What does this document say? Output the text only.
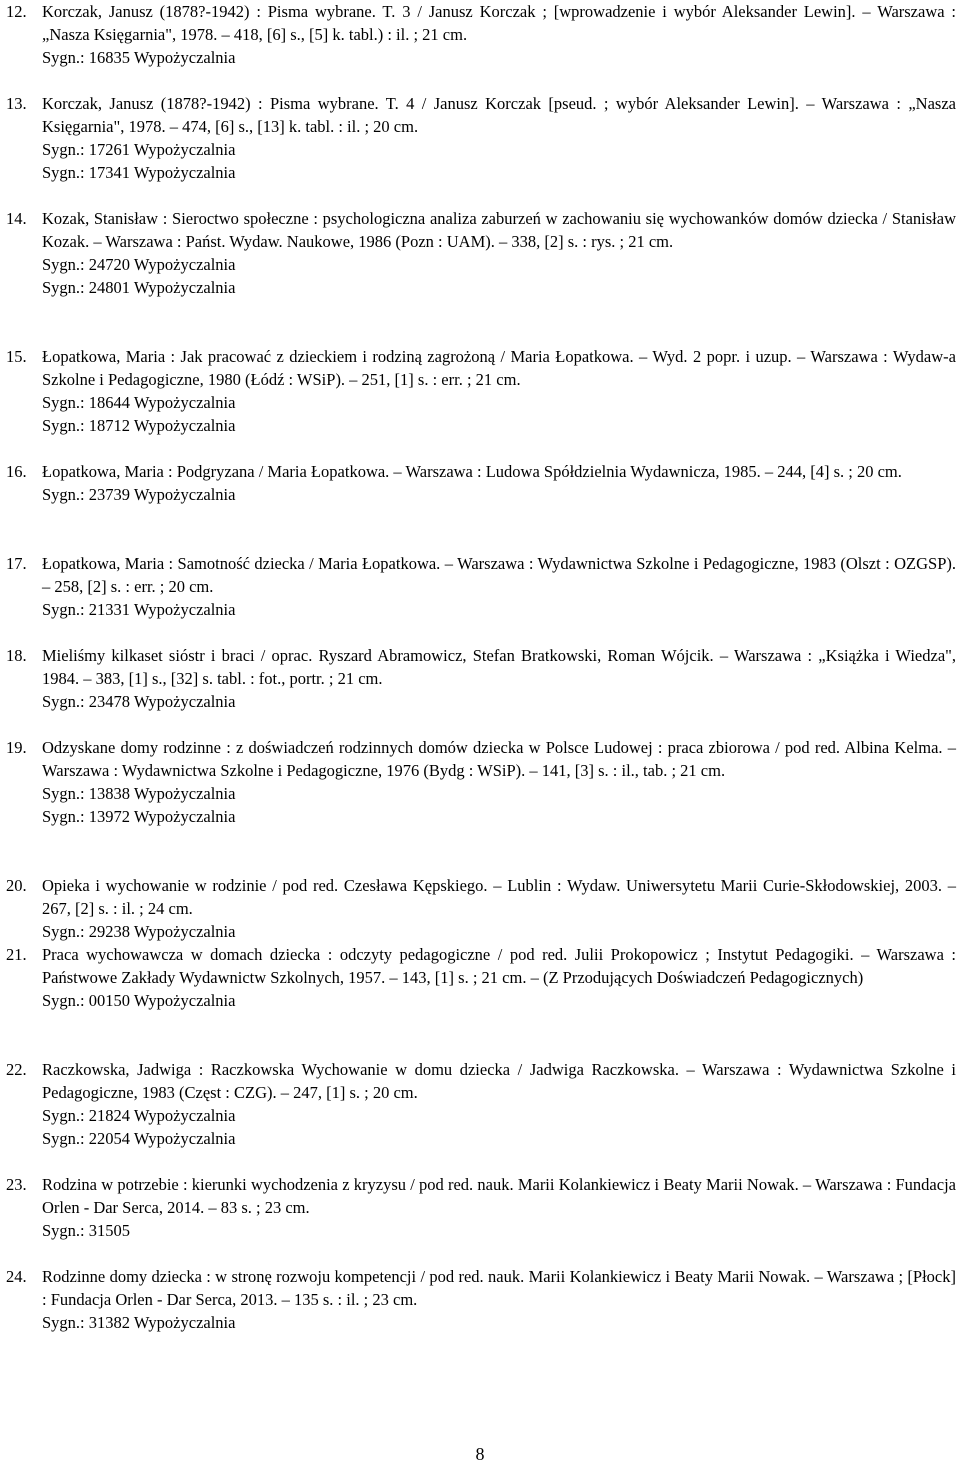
12. Korczak, Janusz (1878?-1942) : Pisma wybrane. T. 3 / Janusz Korczak ; [wprowadzenie i wybór Aleksander Lewin]. – Warszawa : „Nasza Księgarnia", 1978. – 418, [6] s., [5] k. tabl.) : il. ; 21 cm.

Sygn.: 16835 Wypożyczalnia

13. Korczak, Janusz (1878?-1942) : Pisma wybrane. T. 4 / Janusz Korczak [pseud. ; wybór Aleksander Lewin]. – Warszawa : „Nasza Księgarnia", 1978. – 474, [6] s., [13] k. tabl. : il. ; 20 cm.

Sygn.: 17261 Wypożyczalnia

Sygn.: 17341 Wypożyczalnia

14. Kozak, Stanisław : Sieroctwo społeczne : psychologiczna analiza zaburzeń w zachowaniu się wychowanków domów dziecka / Stanisław Kozak. – Warszawa : Państ. Wydaw. Naukowe, 1986 (Pozn : UAM). – 338, [2] s. : rys. ; 21 cm.

Sygn.: 24720 Wypożyczalnia

Sygn.: 24801 Wypożyczalnia

15. Łopatkowa, Maria : Jak pracować z dzieckiem i rodziną zagrożoną / Maria Łopatkowa. – Wyd. 2 popr. i uzup. – Warszawa : Wydaw-a Szkolne i Pedagogiczne, 1980 (Łódź : WSiP). – 251, [1] s. : err. ; 21 cm.

Sygn.: 18644 Wypożyczalnia

Sygn.: 18712 Wypożyczalnia

16. Łopatkowa, Maria : Podgryzana / Maria Łopatkowa. – Warszawa : Ludowa Spółdzielnia Wydawnicza, 1985. – 244, [4] s. ; 20 cm.

Sygn.: 23739 Wypożyczalnia

17. Łopatkowa, Maria : Samotność dziecka / Maria Łopatkowa. – Warszawa : Wydawnictwa Szkolne i Pedagogiczne, 1983 (Olszt : OZGSP). – 258, [2] s. : err. ; 20 cm.

Sygn.: 21331 Wypożyczalnia

18. Mieliśmy kilkaset sióstr i braci / oprac. Ryszard Abramowicz, Stefan Bratkowski, Roman Wójcik. – Warszawa : „Książka i Wiedza", 1984. – 383, [1] s., [32] s. tabl. : fot., portr. ; 21 cm.

Sygn.: 23478 Wypożyczalnia

19. Odzyskane domy rodzinne : z doświadczeń rodzinnych domów dziecka w Polsce Ludowej : praca zbiorowa / pod red. Albina Kelma. – Warszawa : Wydawnictwa Szkolne i Pedagogiczne, 1976 (Bydg : WSiP). – 141, [3] s. : il., tab. ; 21 cm.

Sygn.: 13838 Wypożyczalnia

Sygn.: 13972 Wypożyczalnia

20. Opieka i wychowanie w rodzinie / pod red. Czesława Kępskiego. – Lublin : Wydaw. Uniwersytetu Marii Curie-Skłodowskiej, 2003. – 267, [2] s. : il. ; 24 cm.

Sygn.: 29238 Wypożyczalnia

21. Praca wychowawcza w domach dziecka : odczyty pedagogiczne / pod red. Julii Prokopowicz ; Instytut Pedagogiki. – Warszawa : Państwowe Zakłady Wydawnictw Szkolnych, 1957. – 143, [1] s. ; 21 cm. – (Z Przodujących Doświadczeń Pedagogicznych)

Sygn.: 00150 Wypożyczalnia

22. Raczkowska, Jadwiga : Raczkowska Wychowanie w domu dziecka / Jadwiga Raczkowska. – Warszawa : Wydawnictwa Szkolne i Pedagogiczne, 1983 (Częst : CZG). – 247, [1] s. ; 20 cm.

Sygn.: 21824 Wypożyczalnia

Sygn.: 22054 Wypożyczalnia

23. Rodzina w potrzebie : kierunki wychodzenia z kryzysu / pod red. nauk. Marii Kolankiewicz i Beaty Marii Nowak. – Warszawa : Fundacja Orlen - Dar Serca, 2014. – 83 s. ; 23 cm.

Sygn.: 31505

24. Rodzinne domy dziecka : w stronę rozwoju kompetencji / pod red. nauk. Marii Kolankiewicz i Beaty Marii Nowak. – Warszawa ; [Płock] : Fundacja Orlen - Dar Serca, 2013. – 135 s. : il. ; 23 cm.

Sygn.: 31382 Wypożyczalnia

8
